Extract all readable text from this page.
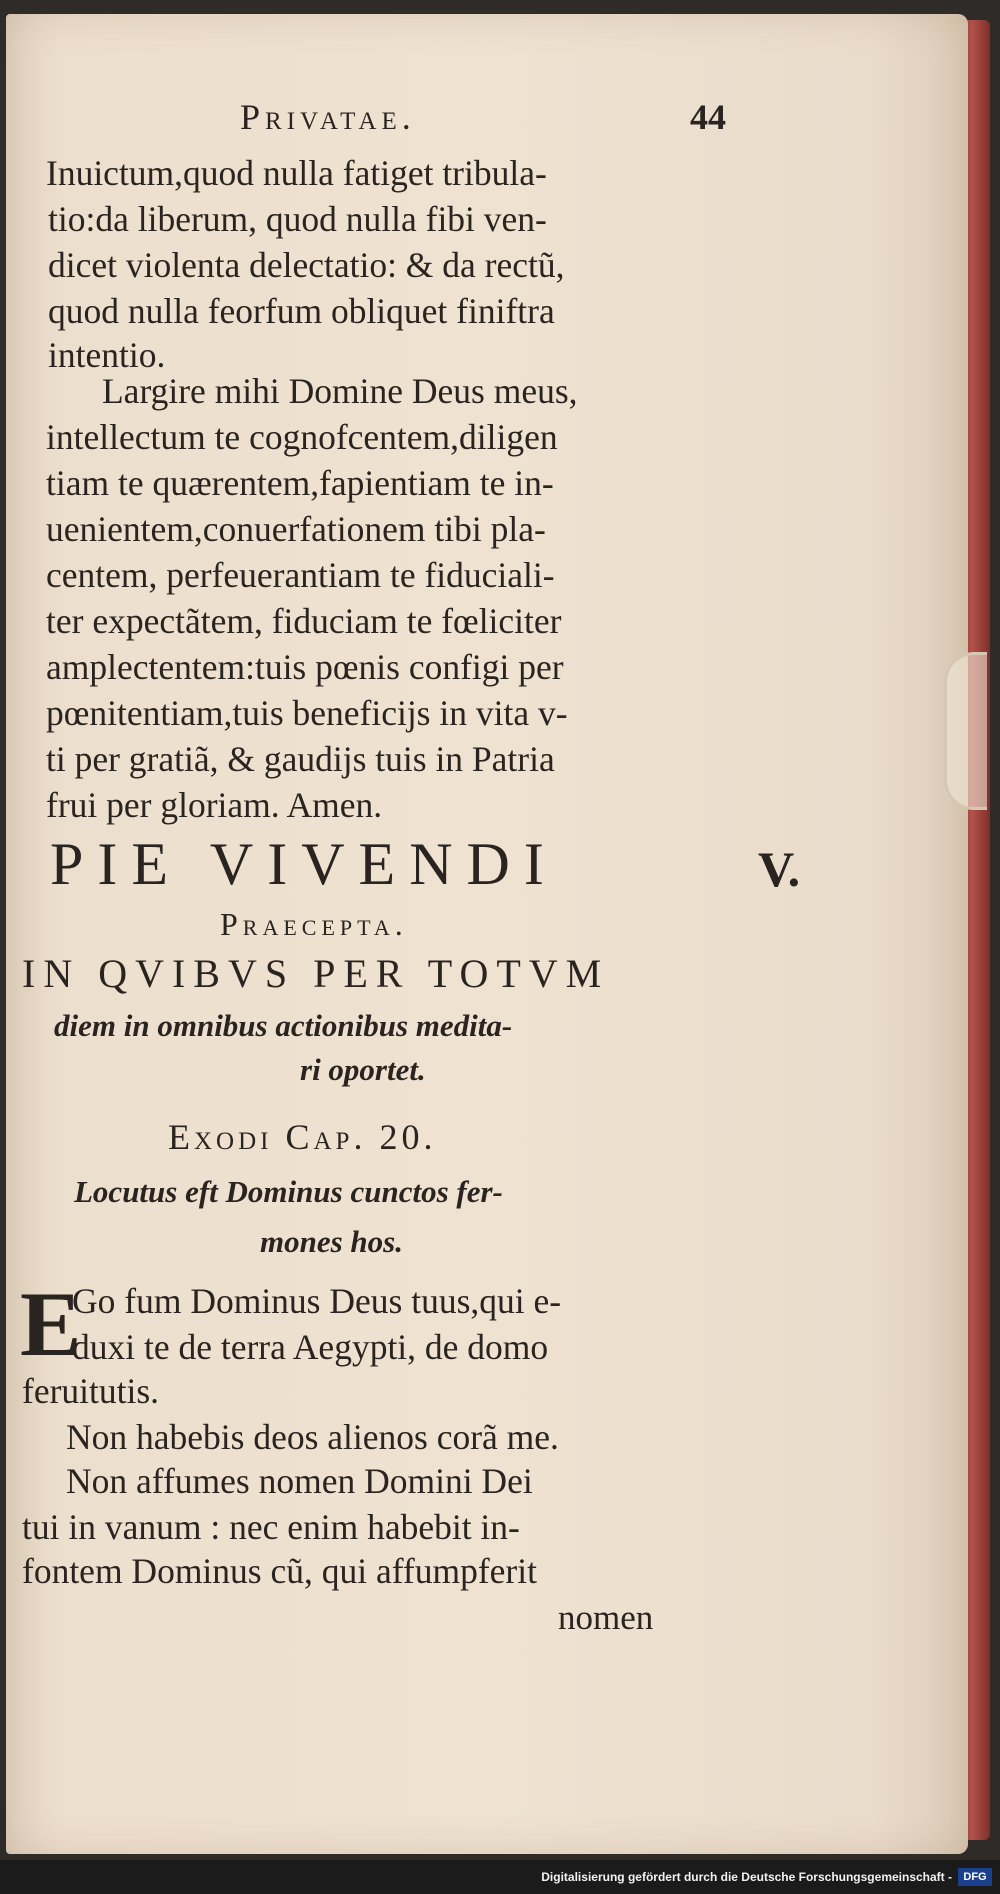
Privatae.	44
Inuictum,quod nulla fatiget tribula-
tio:da liberum, quod nulla fibi ven-
dicet violenta delectatio: & da rectũ,
quod nulla feorfum obliquet finiftra
intentio.
Largire mihi Domine Deus meus,
intellectum te cognofcentem,diligen
tiam te quærentem,fapientiam te in-
uenientem,conuerfationem tibi pla-
centem, perfeuerantiam te fiduciali-
ter expectãtem, fiduciam te fœliciter
amplectentem:tuis pœnis configi per
pœnitentiam,tuis beneficijs in vita v-
ti per gratiã, & gaudijs tuis in Patria
frui per gloriam. Amen.
PIE VIVENDI	V.
Praecepta.
IN QVIBVS PER TOTVM
diem in omnibus actionibus medita-
ri oportet.
Exodi Cap. 20.
Locutus eft Dominus cunctos fer-
mones hos.
E
Go fum Dominus Deus tuus,qui e-
duxi te de terra Aegypti, de domo
feruitutis.
Non habebis deos alienos corã me.
Non affumes nomen Domini Dei
tui in vanum : nec enim habebit in-
fontem Dominus cũ, qui affumpferit
nomen
Digitalisierung gefördert durch die Deutsche Forschungsgemeinschaft -	DFG
